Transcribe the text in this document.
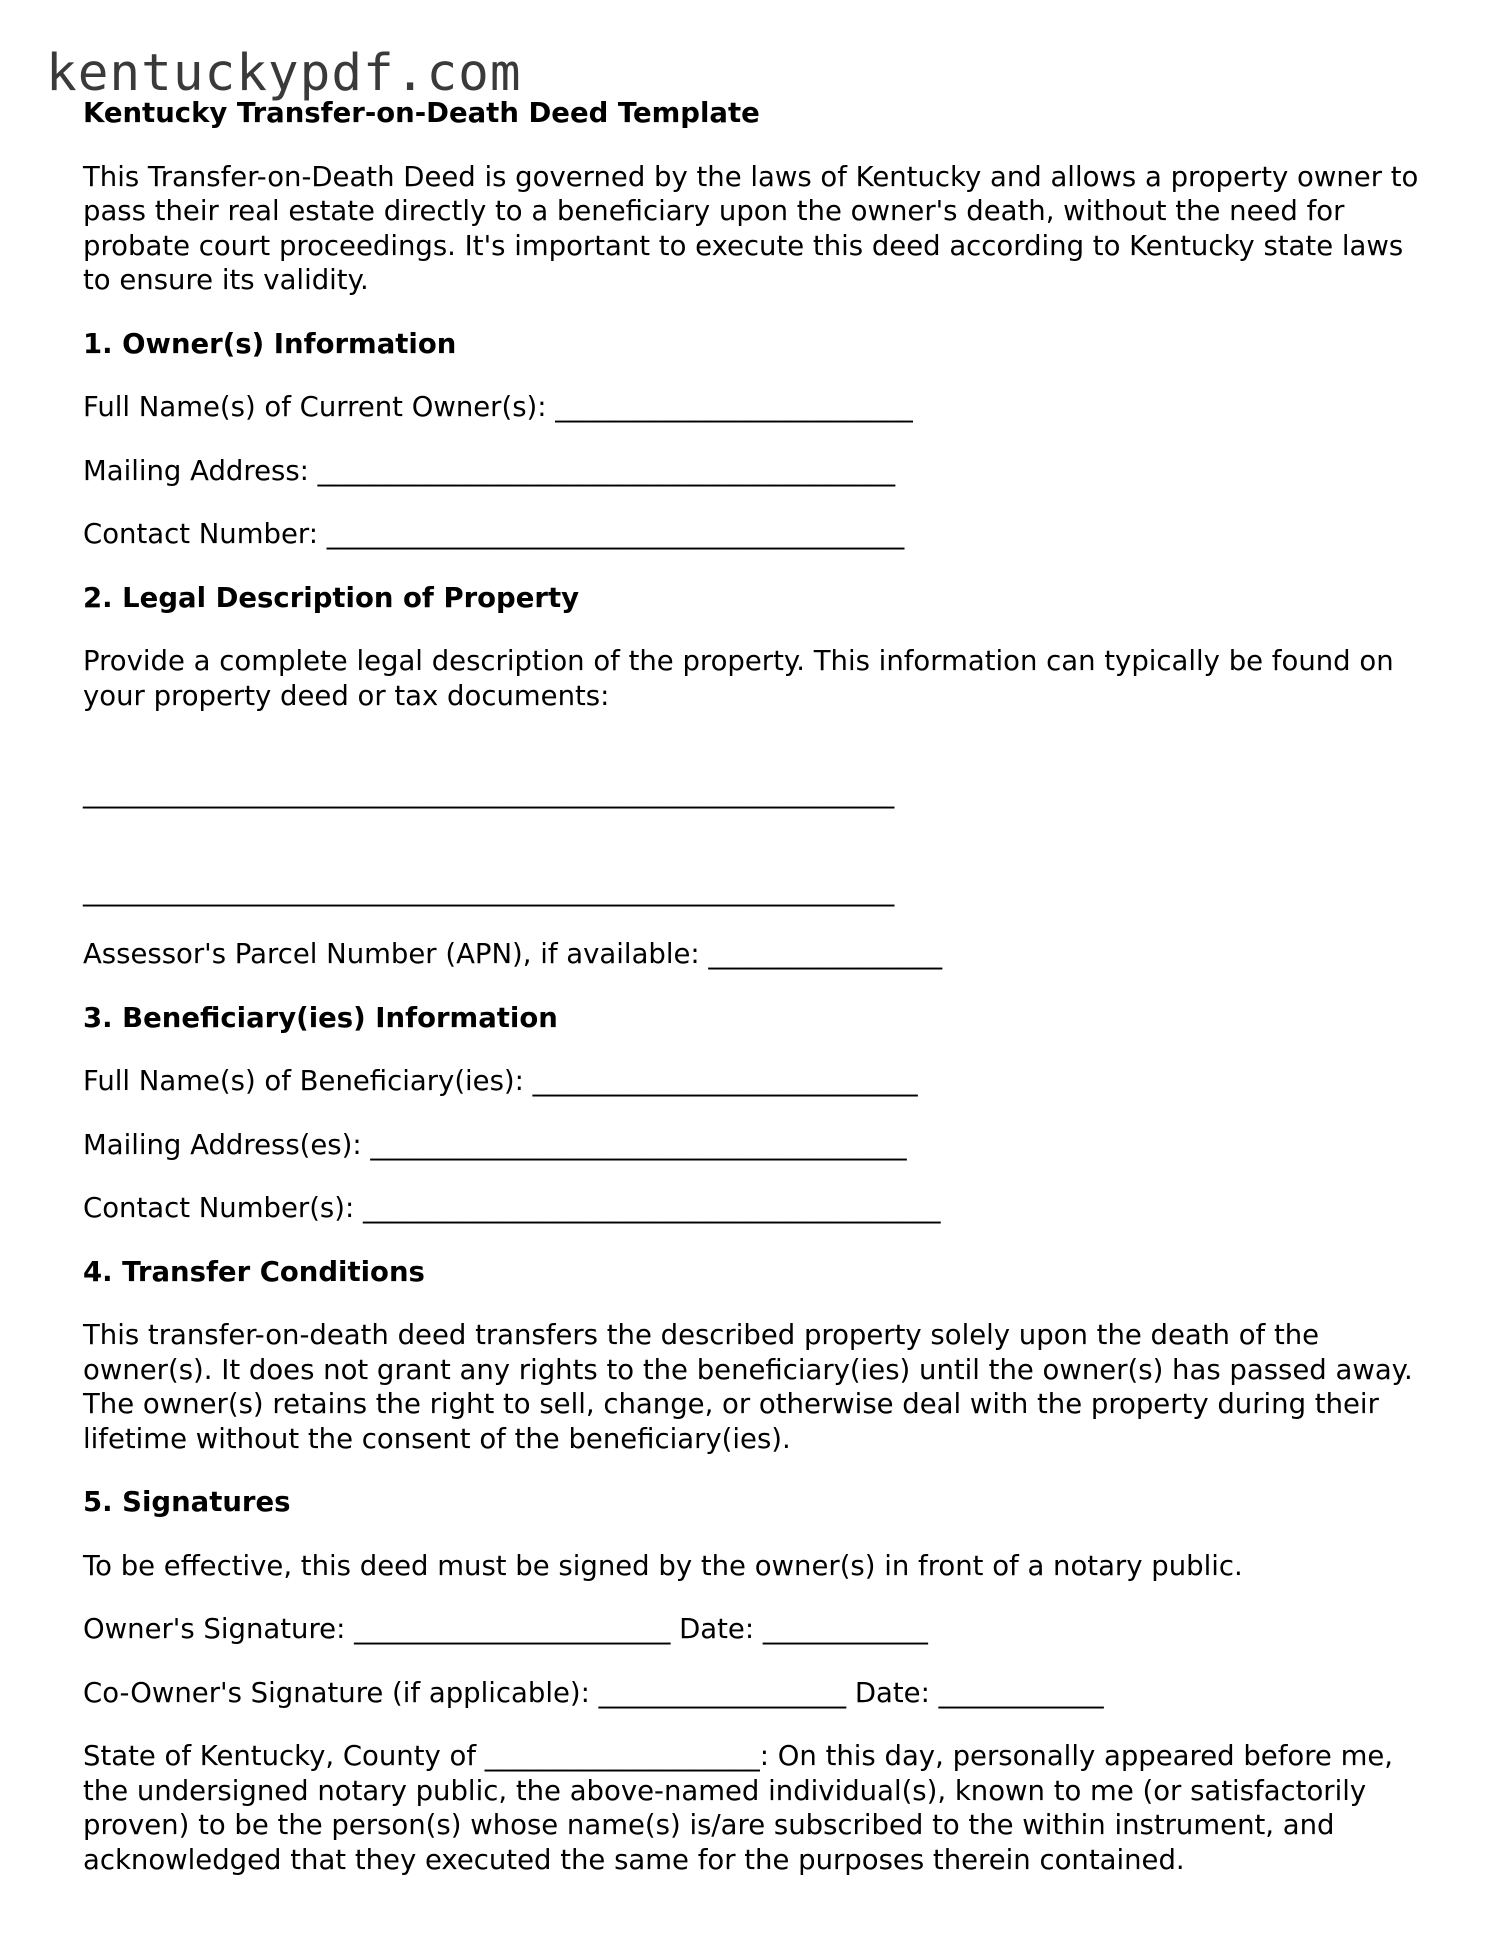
kentuckypdf.com
Kentucky Transfer-on-Death Deed Template

This Transfer-on-Death Deed is governed by the laws of Kentucky and allows a property owner to pass their real estate directly to a beneficiary upon the owner's death, without the need for probate court proceedings. It's important to execute this deed according to Kentucky state laws to ensure its validity.

1. Owner(s) Information
Full Name(s) of Current Owner(s): __________________________
Mailing Address: __________________________________________
Contact Number: __________________________________________
2. Legal Description of Property

Provide a complete legal description of the property. This information can typically be found on your property deed or tax documents:

___________________________________________________________
___________________________________________________________
Assessor's Parcel Number (APN), if available: _________________
3. Beneficiary(ies) Information
Full Name(s) of Beneficiary(ies): ____________________________
Mailing Address(es): _______________________________________
Contact Number(s): __________________________________________
4. Transfer Conditions

This transfer-on-death deed transfers the described property solely upon the death of the owner(s). It does not grant any rights to the beneficiary(ies) until the owner(s) has passed away. The owner(s) retains the right to sell, change, or otherwise deal with the property during their lifetime without the consent of the beneficiary(ies).

5. Signatures

To be effective, this deed must be signed by the owner(s) in front of a notary public.

Owner's Signature: _______________________ Date: ____________
Co-Owner's Signature (if applicable): __________________ Date: ____________

State of Kentucky, County of ____________________: On this day, personally appeared before me, the undersigned notary public, the above-named individual(s), known to me (or satisfactorily proven) to be the person(s) whose name(s) is/are subscribed to the within instrument, and acknowledged that they executed the same for the purposes therein contained.
